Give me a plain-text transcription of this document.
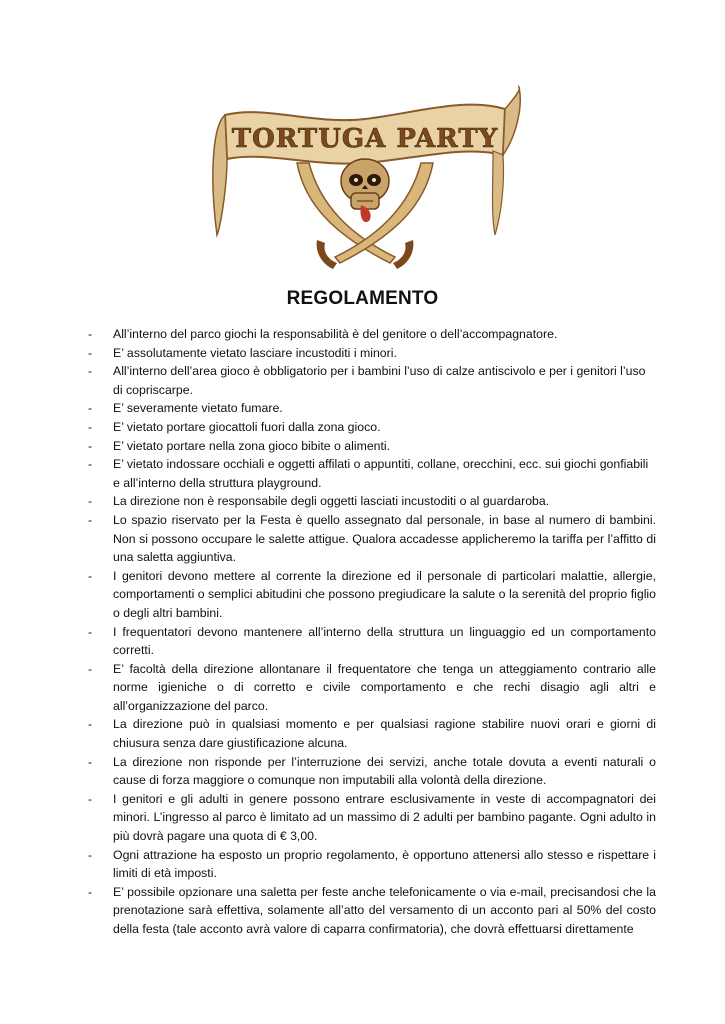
TORTUGA PARTY
REGOLAMENTO
- All’interno del parco giochi la responsabilità è del genitore o dell’accompagnatore.
- E’ assolutamente vietato lasciare incustoditi i minori.
- All’interno dell’area gioco è obbligatorio per i bambini l’uso di calze antiscivolo e per i genitori l’uso di copriscarpe.
- E’ severamente vietato fumare.
- E’ vietato portare giocattoli fuori dalla zona gioco.
- E’ vietato portare nella zona gioco bibite o alimenti.
- E’ vietato indossare occhiali e oggetti affilati o appuntiti, collane, orecchini, ecc. sui giochi gonfiabili e all’interno della struttura playground.
- La direzione non è responsabile degli oggetti lasciati incustoditi o al guardaroba.
- Lo spazio riservato per la Festa è quello assegnato dal personale, in base al numero di bambini. Non si possono occupare le salette attigue. Qualora accadesse applicheremo la tariffa per l’affitto di una saletta aggiuntiva.
- I genitori devono mettere al corrente la direzione ed il personale di particolari malattie, allergie, comportamenti o semplici abitudini che possono pregiudicare la salute o la serenità del proprio figlio o degli altri bambini.
- I frequentatori devono mantenere all’interno della struttura un linguaggio ed un comportamento corretti.
- E’ facoltà della direzione allontanare il frequentatore che tenga un atteggiamento contrario alle norme igieniche o di corretto e civile comportamento e che rechi disagio agli altri e all’organizzazione del parco.
- La direzione può in qualsiasi momento e per qualsiasi ragione stabilire nuovi orari e giorni di chiusura senza dare giustificazione alcuna.
- La direzione non risponde per l’interruzione dei servizi, anche totale dovuta a eventi naturali o cause di forza maggiore o comunque non imputabili alla volontà della direzione.
- I genitori e gli adulti in genere possono entrare esclusivamente in veste di accompagnatori dei minori. L’ingresso al parco è limitato ad un massimo di 2 adulti per bambino pagante. Ogni adulto in più dovrà pagare una quota di € 3,00.
- Ogni attrazione ha esposto un proprio regolamento, è opportuno attenersi allo stesso e rispettare i limiti di età imposti.
- E’ possibile opzionare una saletta per feste anche telefonicamente o via e-mail, precisandosi che la prenotazione sarà effettiva, solamente all’atto del versamento di un acconto pari al 50% del costo della festa (tale acconto avrà valore di caparra confirmatoria), che dovrà effettuarsi direttamente
